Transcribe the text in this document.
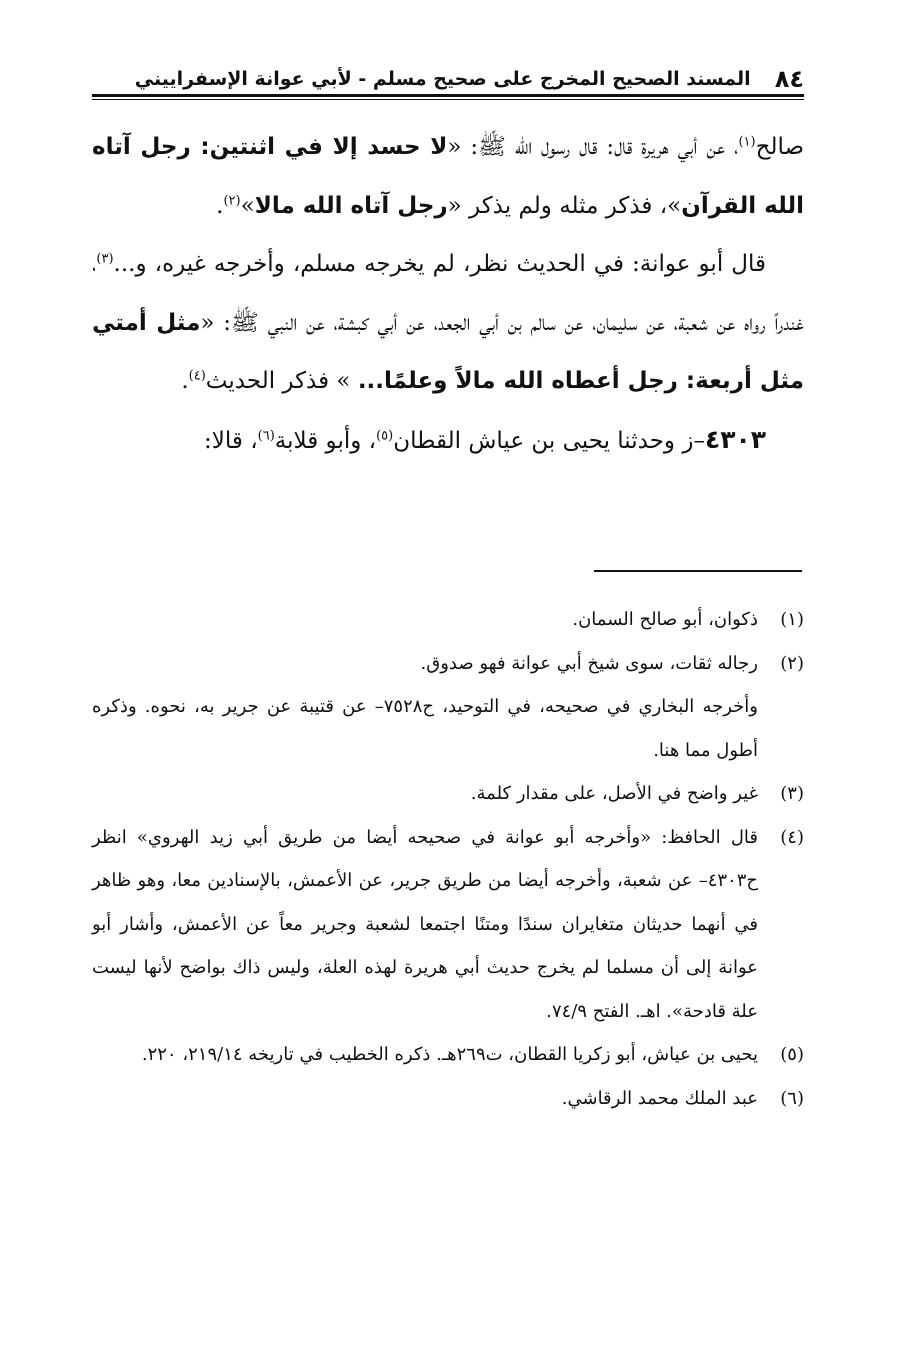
٨٤
المسند الصحيح المخرج على صحيح مسلم - لأبي عوانة الإسفراييني

صالح$^{(١)}$، عن أبي هريرة قال: قال رسول الله ﷺ: «لا حسد إلا في اثنتين: رجل آتاه الله القرآن»، فذكر مثله ولم يذكر «رجل آتاه الله مالا»$^{(٢)}$.

قال أبو عوانة: في الحديث نظر، لم يخرجه مسلم، وأخرجه غيره، و...$^{(٣)}$، غندراً رواه عن شعبة، عن سليمان، عن سالم بن أبي الجعد، عن أبي كبشة، عن النبي ﷺ: «مثل أمتي مثل أربعة: رجل أعطاه الله مالاً وعلمًا... » فذكر الحديث$^{(٤)}$.

٤٣٠٣–ز وحدثنا يحيى بن عياش القطان$^{(٥)}$، وأبو قلابة$^{(٦)}$، قالا:

(١)
ذكوان، أبو صالح السمان.
(٢)
رجاله ثقات، سوى شيخ أبي عوانة فهو صدوق.
وأخرجه البخاري في صحيحه، في التوحيد، ح٧٥٢٨– عن قتيبة عن جرير به، نحوه. وذكره أطول مما هنا.
(٣)
غير واضح في الأصل، على مقدار كلمة.
(٤)
قال الحافظ: «وأخرجه أبو عوانة في صحيحه أيضا من طريق أبي زيد الهروي» انظر ح٤٣٠٣– عن شعبة، وأخرجه أيضا من طريق جرير، عن الأعمش، بالإسنادين معا، وهو ظاهر في أنهما حديثان متغايران سندًا ومتنًا اجتمعا لشعبة وجرير معاً عن الأعمش، وأشار أبو عوانة إلى أن مسلما لم يخرج حديث أبي هريرة لهذه العلة، وليس ذاك بواضح لأنها ليست علة قادحة». اهـ. الفتح ٧٤/٩.
(٥)
يحيى بن عياش، أبو زكريا القطان، ت٢٦٩هـ. ذكره الخطيب في تاريخه ٢١٩/١٤، ٢٢٠.
(٦)
عبد الملك محمد الرقاشي.
